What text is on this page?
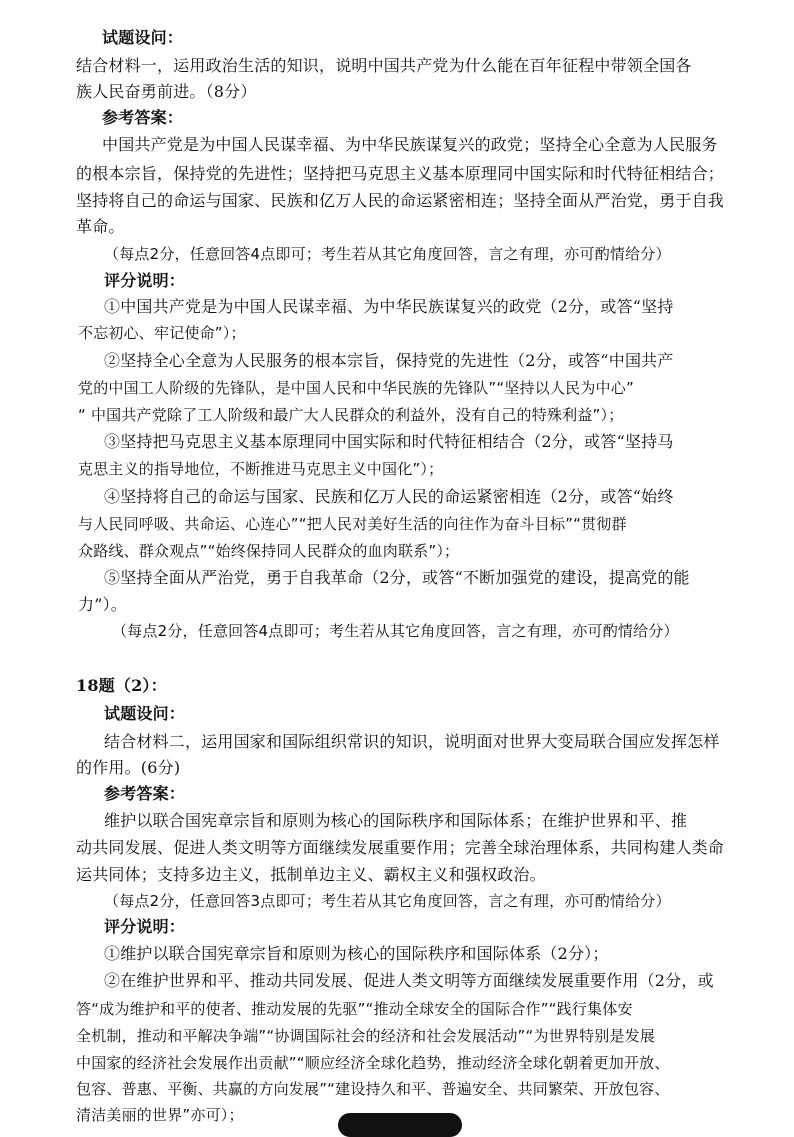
试题设问：
结合材料一，运用政治生活的知识，说明中国共产党为什么能在百年征程中带领全国各
族人民奋勇前进。（8分）
参考答案：
中国共产党是为中国人民谋幸福、为中华民族谋复兴的政党；坚持全心全意为人民服务
的根本宗旨，保持党的先进性；坚持把马克思主义基本原理同中国实际和时代特征相结合；
坚持将自己的命运与国家、民族和亿万人民的命运紧密相连；坚持全面从严治党，勇于自我
革命。
（每点2分，任意回答4点即可；考生若从其它角度回答，言之有理，亦可酌情给分）
评分说明：
①中国共产党是为中国人民谋幸福、为中华民族谋复兴的政党（2分，或答“坚持
不忘初心、牢记使命”）；
②坚持全心全意为人民服务的根本宗旨，保持党的先进性（2分，或答“中国共产
党的中国工人阶级的先锋队，是中国人民和中华民族的先锋队”“坚持以人民为中心”
“ 中国共产党除了工人阶级和最广大人民群众的利益外，没有自己的特殊利益”）；
③坚持把马克思主义基本原理同中国实际和时代特征相结合（2分，或答“坚持马
克思主义的指导地位，不断推进马克思主义中国化”）；
④坚持将自己的命运与国家、民族和亿万人民的命运紧密相连（2分，或答“始终
与人民同呼吸、共命运、心连心”“把人民对美好生活的向往作为奋斗目标”“贯彻群
众路线、群众观点”“始终保持同人民群众的血肉联系”）；
⑤坚持全面从严治党，勇于自我革命（2分，或答“不断加强党的建设，提高党的能
力”）。
（每点2分，任意回答4点即可；考生若从其它角度回答，言之有理，亦可酌情给分）
18题（2）：
试题设问：
结合材料二，运用国家和国际组织常识的知识，说明面对世界大变局联合国应发挥怎样
的作用。(6分)
参考答案：
维护以联合国宪章宗旨和原则为核心的国际秩序和国际体系；在维护世界和平、推
动共同发展、促进人类文明等方面继续发展重要作用；完善全球治理体系，共同构建人类命
运共同体；支持多边主义，抵制单边主义、霸权主义和强权政治。
（每点2分，任意回答3点即可；考生若从其它角度回答，言之有理，亦可酌情给分）
评分说明：
①维护以联合国宪章宗旨和原则为核心的国际秩序和国际体系（2分）；
②在维护世界和平、推动共同发展、促进人类文明等方面继续发展重要作用（2分，或
答“成为维护和平的使者、推动发展的先驱”“推动全球安全的国际合作”“践行集体安
全机制，推动和平解决争端”“协调国际社会的经济和社会发展活动”“为世界特别是发展
中国家的经济社会发展作出贡献”“顺应经济全球化趋势，推动经济全球化朝着更加开放、
包容、普惠、平衡、共赢的方向发展”“建设持久和平、普遍安全、共同繁荣、开放包容、
清洁美丽的世界”亦可）；
